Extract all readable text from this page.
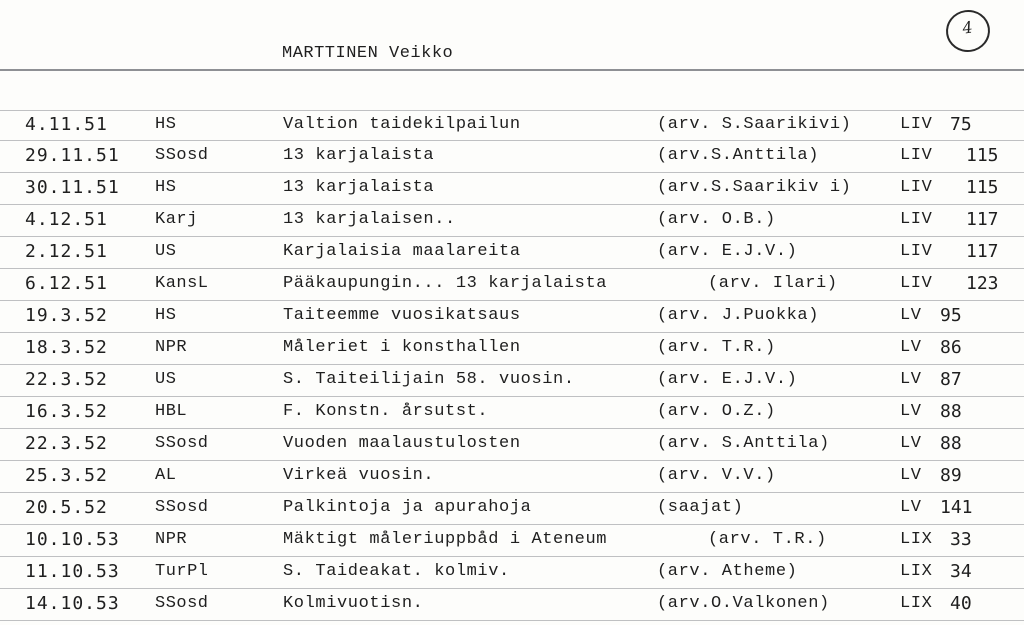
MARTTINEN Veikko
4
4.11.51	HS	Valtion taidekilpailun	(arv. S.Saarikivi)	LIV 75
29.11.51 SSosd	13 karjalaista	(arv.S.Anttila)	LIV 115
30.11.51 HS	13 karjalaista	(arv.S.Saarikiv i)	LIV 115
4.12.51	Karj	13 karjalaisen..	(arv. O.B.)	LIV 117
2.12.51	US	Karjalaisia maalareita	(arv. E.J.V.)	LIV 117
6.12.51	KansL	Pääkaupungin... 13 karjalaista	(arv. Ilari)	LIV 123
19.3.52	HS	Taiteemme vuosikatsaus	(arv. J.Puokka)	LV 95
18.3.52	NPR	Måleriet i konsthallen	(arv. T.R.)	LV 86
22.3.52	US	S. Taiteilijain 58. vuosin.	(arv. E.J.V.)	LV 87
16.3.52	HBL	F. Konstn. årsutst.	(arv. O.Z.)	LV 88
22.3.52	SSosd	Vuoden maalaustulosten	(arv. S.Anttila)	LV 88
25.3.52	AL	Virkeä vuosin.	(arv. V.V.)	LV 89
20.5.52	SSosd	Palkintoja ja apurahoja	(saajat)	LV 141
10.10.53 NPR	Mäktigt måleriuppbåd i Ateneum	(arv. T.R.)	LIX 33
11.10.53 TurPl	S. Taideakat. kolmiv.	(arv. Atheme)	LIX 34
14.10.53 SSosd	Kolmivuotisn.	(arv.O.Valkonen)	LIX 40
